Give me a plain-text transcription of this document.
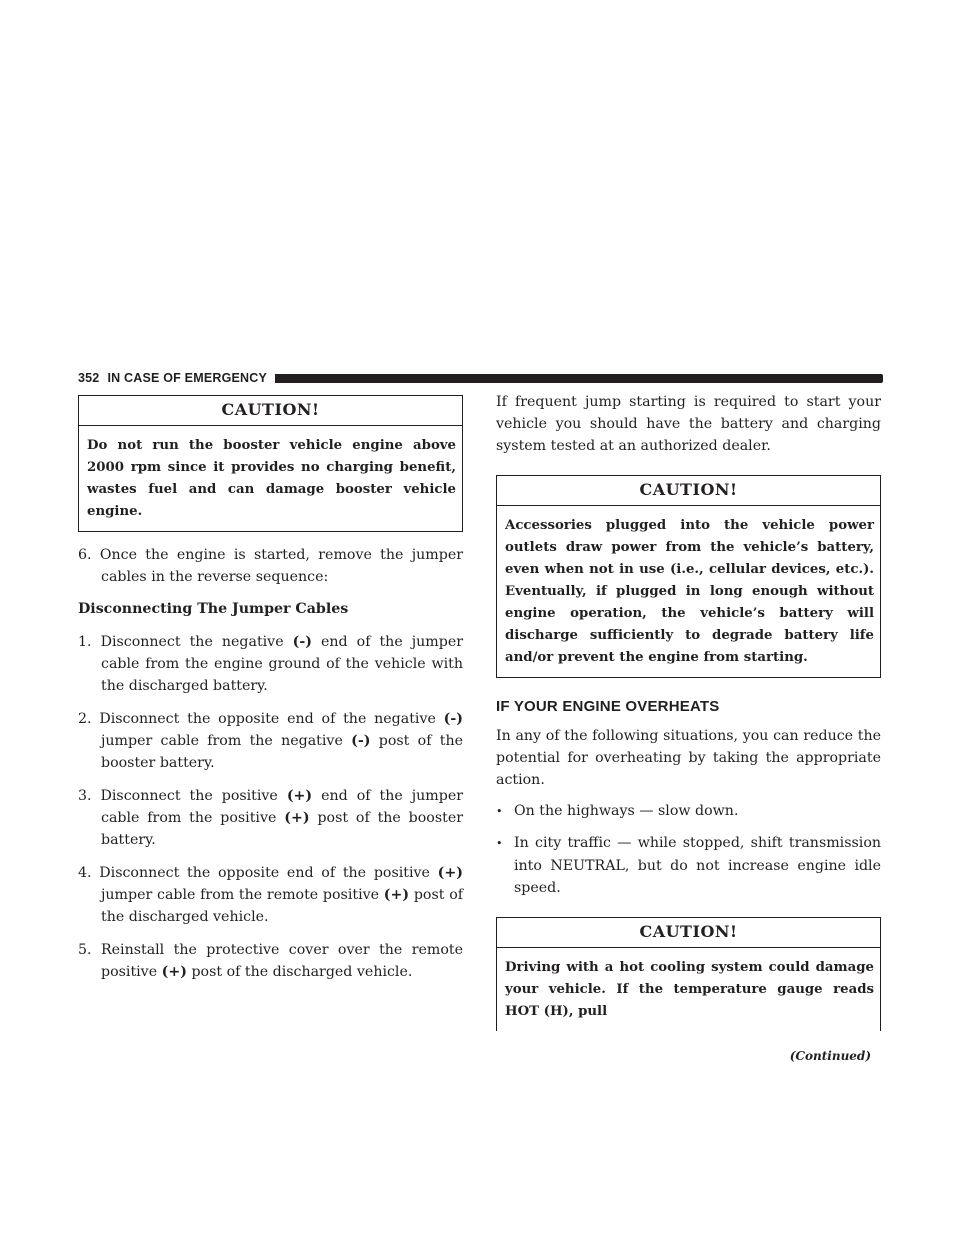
352 IN CASE OF EMERGENCY
CAUTION!
Do not run the booster vehicle engine above 2000 rpm since it provides no charging benefit, wastes fuel and can damage booster vehicle engine.

6. Once the engine is started, remove the jumper cables in the reverse sequence:

Disconnecting The Jumper Cables

1. Disconnect the negative (-) end of the jumper cable from the engine ground of the vehicle with the discharged battery.

2. Disconnect the opposite end of the negative (-) jumper cable from the negative (-) post of the booster battery.

3. Disconnect the positive (+) end of the jumper cable from the positive (+) post of the booster battery.

4. Disconnect the opposite end of the positive (+) jumper cable from the remote positive (+) post of the discharged vehicle.

5. Reinstall the protective cover over the remote positive (+) post of the discharged vehicle.

If frequent jump starting is required to start your vehicle you should have the battery and charging system tested at an authorized dealer.

CAUTION!
Accessories plugged into the vehicle power outlets draw power from the vehicle’s battery, even when not in use (i.e., cellular devices, etc.). Eventually, if plugged in long enough without engine operation, the vehicle’s battery will discharge sufficiently to degrade battery life and/or prevent the engine from starting.
IF YOUR ENGINE OVERHEATS

In any of the following situations, you can reduce the potential for overheating by taking the appropriate action.

• On the highways — slow down.

• In city traffic — while stopped, shift transmission into NEUTRAL, but do not increase engine idle speed.

CAUTION!
Driving with a hot cooling system could damage your vehicle. If the temperature gauge reads HOT (H), pull
(Continued)
